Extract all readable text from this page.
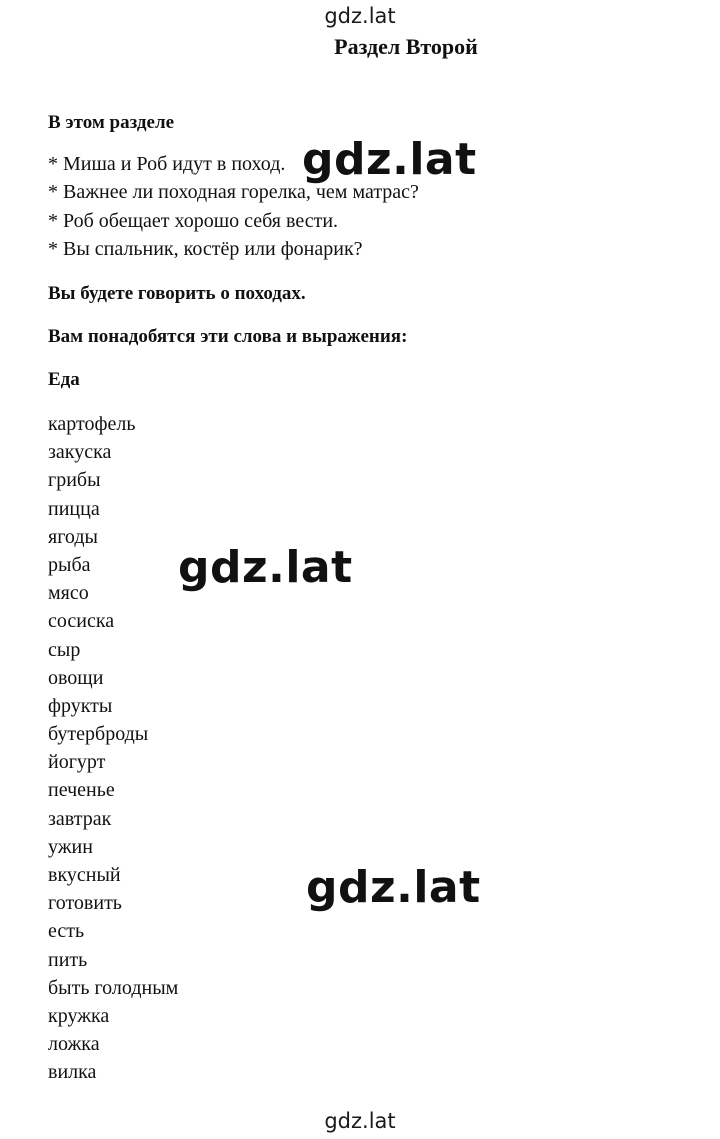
gdz.lat
Раздел Второй
В этом разделе
* Миша и Роб идут в поход.
* Важнее ли походная горелка, чем матрас?
* Роб обещает хорошо себя вести.
* Вы спальник, костёр или фонарик?
Вы будете говорить о походах.
Вам понадобятся эти слова и выражения:
Еда
картофель
закуска
грибы
пицца
ягоды
рыба
мясо
сосиска
сыр
овощи
фрукты
бутерброды
йогурт
печенье
завтрак
ужин
вкусный
готовить
есть
пить
быть голодным
кружка
ложка
вилка
gdz.lat
gdz.lat
gdz.lat
gdz.lat
